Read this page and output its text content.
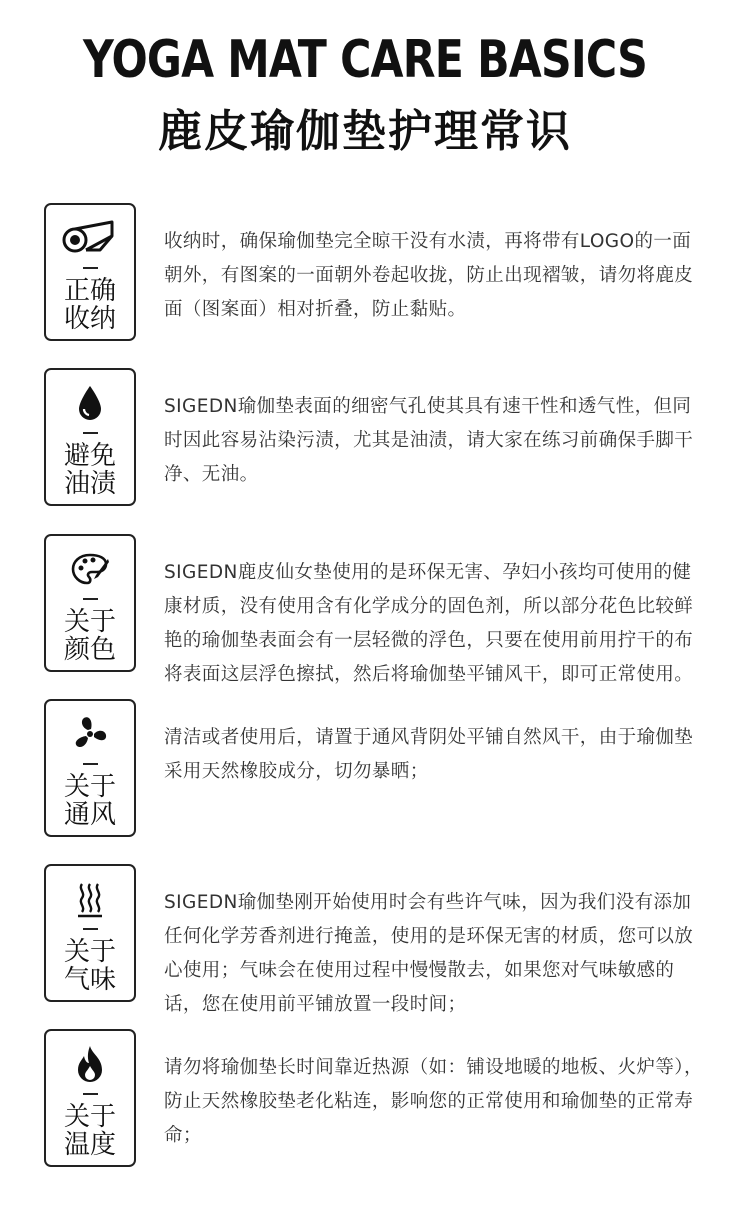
YOGA MAT CARE BASICS
鹿皮瑜伽垫护理常识
正确
收纳
收纳时，确保瑜伽垫完全晾干没有水渍，再将带有LOGO的一面朝外，有图案的一面朝外卷起收拢，防止出现褶皱，请勿将鹿皮面（图案面）相对折叠，防止黏贴。
避免
油渍
SIGEDN瑜伽垫表面的细密气孔使其具有速干性和透气性，但同时因此容易沾染污渍，尤其是油渍，请大家在练习前确保手脚干净、无油。
关于
颜色
SIGEDN鹿皮仙女垫使用的是环保无害、孕妇小孩均可使用的健康材质，没有使用含有化学成分的固色剂，所以部分花色比较鲜艳的瑜伽垫表面会有一层轻微的浮色，只要在使用前用拧干的布将表面这层浮色擦拭，然后将瑜伽垫平铺风干，即可正常使用。
关于
通风
清洁或者使用后，请置于通风背阴处平铺自然风干，由于瑜伽垫采用天然橡胶成分，切勿暴晒；
关于
气味
SIGEDN瑜伽垫刚开始使用时会有些许气味，因为我们没有添加任何化学芳香剂进行掩盖，使用的是环保无害的材质，您可以放心使用；气味会在使用过程中慢慢散去，如果您对气味敏感的话，您在使用前平铺放置一段时间；
关于
温度
请勿将瑜伽垫长时间靠近热源（如：铺设地暖的地板、火炉等），防止天然橡胶垫老化粘连，影响您的正常使用和瑜伽垫的正常寿命；
